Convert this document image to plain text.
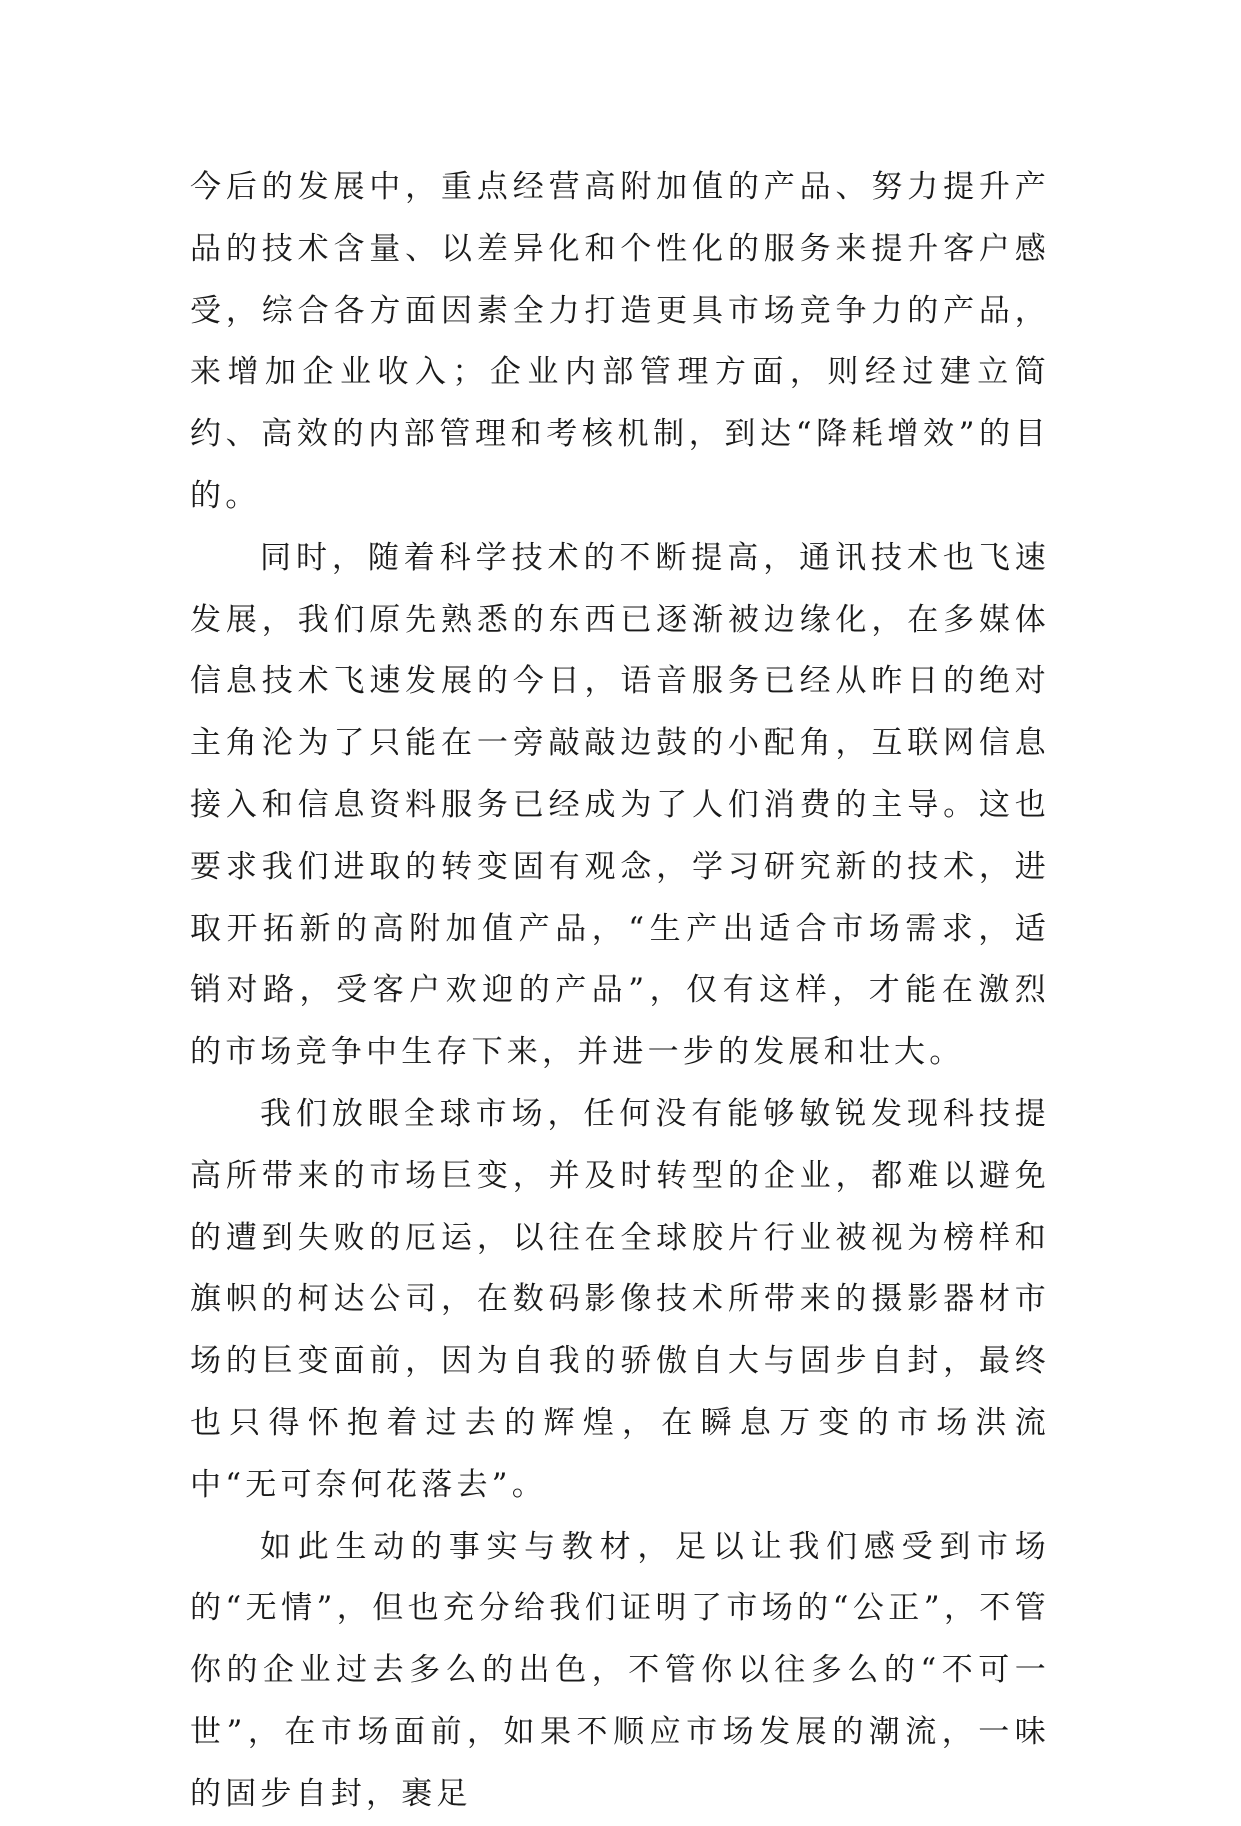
今后的发展中，重点经营高附加值的产品、努力提升产品的技术含量、以差异化和个性化的服务来提升客户感受，综合各方面因素全力打造更具市场竞争力的产品，来增加企业收入；企业内部管理方面，则经过建立简约、高效的内部管理和考核机制，到达“降耗增效”的目的。

同时，随着科学技术的不断提高，通讯技术也飞速发展，我们原先熟悉的东西已逐渐被边缘化，在多媒体信息技术飞速发展的今日，语音服务已经从昨日的绝对主角沦为了只能在一旁敲敲边鼓的小配角，互联网信息接入和信息资料服务已经成为了人们消费的主导。这也要求我们进取的转变固有观念，学习研究新的技术，进取开拓新的高附加值产品，“生产出适合市场需求，适销对路，受客户欢迎的产品”，仅有这样，才能在激烈的市场竞争中生存下来，并进一步的发展和壮大。

我们放眼全球市场，任何没有能够敏锐发现科技提高所带来的市场巨变，并及时转型的企业，都难以避免的遭到失败的厄运，以往在全球胶片行业被视为榜样和旗帜的柯达公司，在数码影像技术所带来的摄影器材市场的巨变面前，因为自我的骄傲自大与固步自封，最终也只得怀抱着过去的辉煌，在瞬息万变的市场洪流中“无可奈何花落去”。

如此生动的事实与教材，足以让我们感受到市场的“无情”，但也充分给我们证明了市场的“公正”，不管你的企业过去多么的出色，不管你以往多么的“不可一世”，在市场面前，如果不顺应市场发展的潮流，一味的固步自封，裹足
